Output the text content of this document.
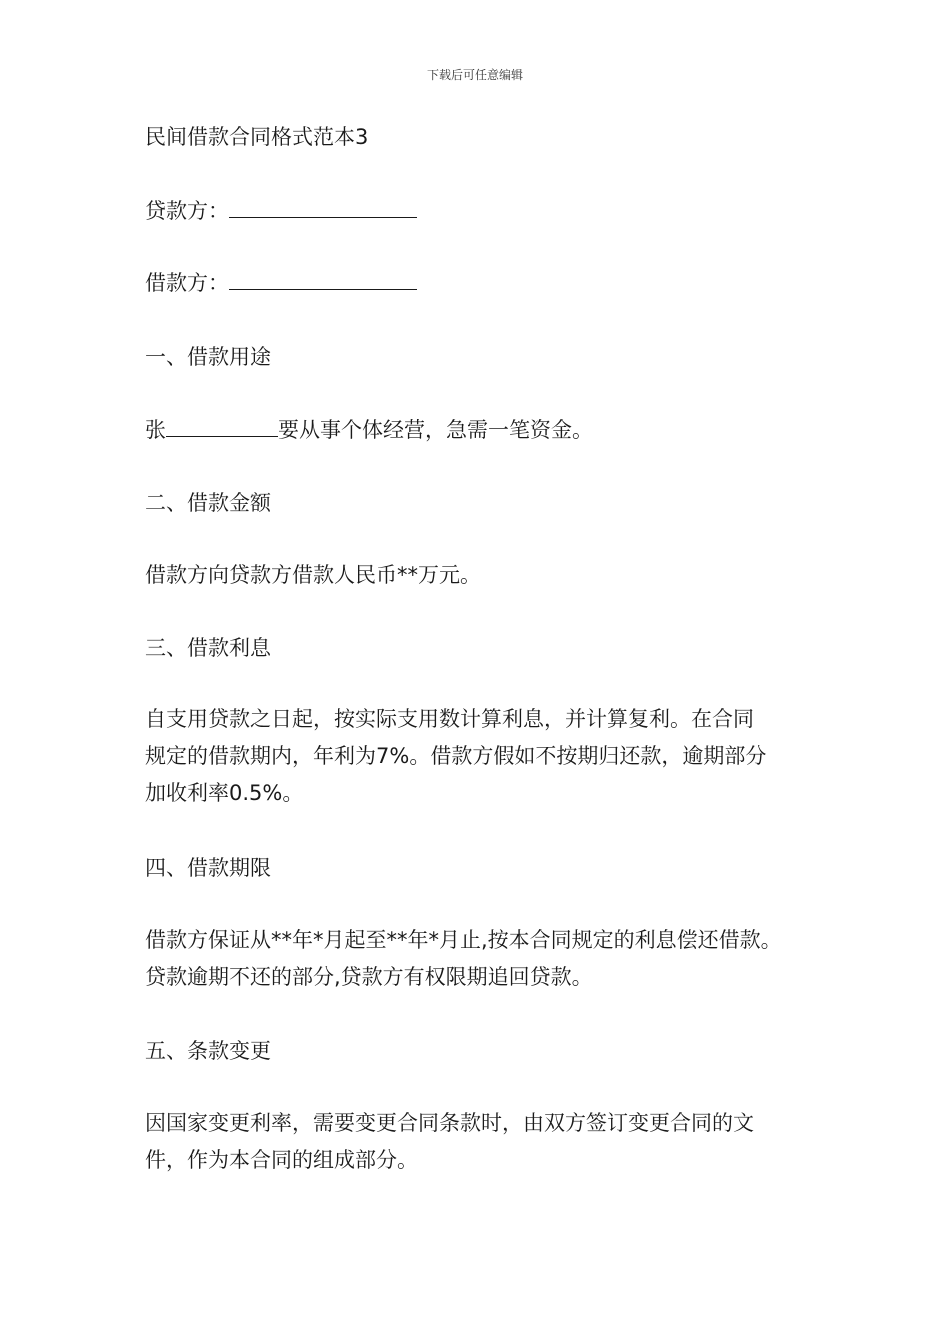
下载后可任意编辑
民间借款合同格式范本3
贷款方：
借款方：
一、借款用途
张	要从事个体经营，急需一笔资金。
二、借款金额
借款方向贷款方借款人民币**万元。
三、借款利息
自支用贷款之日起，按实际支用数计算利息，并计算复利。在合同
规定的借款期内，年利为7%。借款方假如不按期归还款，逾期部分
加收利率0.5%。
四、借款期限
借款方保证从**年*月起至**年*月止,按本合同规定的利息偿还借款。
贷款逾期不还的部分,贷款方有权限期追回贷款。
五、条款变更
因国家变更利率，需要变更合同条款时，由双方签订变更合同的文
件，作为本合同的组成部分。
